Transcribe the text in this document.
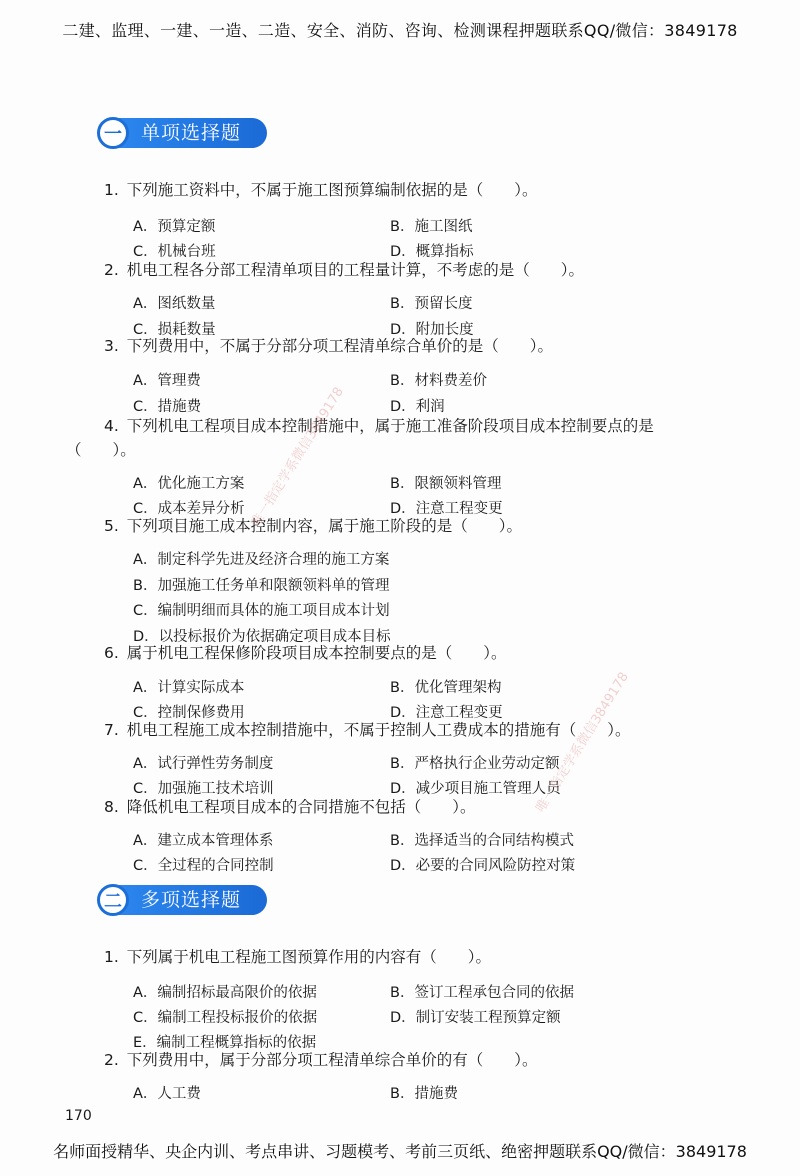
二建、监理、一建、一造、二造、安全、消防、咨询、检测课程押题联系QQ/微信：3849178
一	单项选择题
1. 下列施工资料中，不属于施工图预算编制依据的是（　　）。
A．预算定额	B．施工图纸
C．机械台班	D．概算指标
2. 机电工程各分部工程清单项目的工程量计算，不考虑的是（　　）。
A．图纸数量	B．预留长度
C．损耗数量	D．附加长度
3. 下列费用中，不属于分部分项工程清单综合单价的是（　　）。
A．管理费	B．材料费差价
C．措施费	D．利润
4. 下列机电工程项目成本控制措施中，属于施工准备阶段项目成本控制要点的是
（　　）。
A．优化施工方案	B．限额领料管理
C．成本差异分析	D．注意工程变更
5. 下列项目施工成本控制内容，属于施工阶段的是（　　）。
A．制定科学先进及经济合理的施工方案
B．加强施工任务单和限额领料单的管理
C．编制明细而具体的施工项目成本计划
D．以投标报价为依据确定项目成本目标
6. 属于机电工程保修阶段项目成本控制要点的是（　　）。
A．计算实际成本	B．优化管理架构
C．控制保修费用	D．注意工程变更
7. 机电工程施工成本控制措施中，不属于控制人工费成本的措施有（　　）。
A．试行弹性劳务制度	B．严格执行企业劳动定额
C．加强施工技术培训	D．减少项目施工管理人员
8. 降低机电工程项目成本的合同措施不包括（　　）。
A．建立成本管理体系	B．选择适当的合同结构模式
C．全过程的合同控制	D．必要的合同风险防控对策
二	多项选择题
1. 下列属于机电工程施工图预算作用的内容有（　　）。
A．编制招标最高限价的依据	B．签订工程承包合同的依据
C．编制工程投标报价的依据	D．制订安装工程预算定额
E．编制工程概算指标的依据
2. 下列费用中，属于分部分项工程清单综合单价的有（　　）。
A．人工费	B．措施费
唯一指定学系微信3849178
唯一指定学系微信3849178
170
名师面授精华、央企内训、考点串讲、习题模考、考前三页纸、绝密押题联系QQ/微信：3849178
